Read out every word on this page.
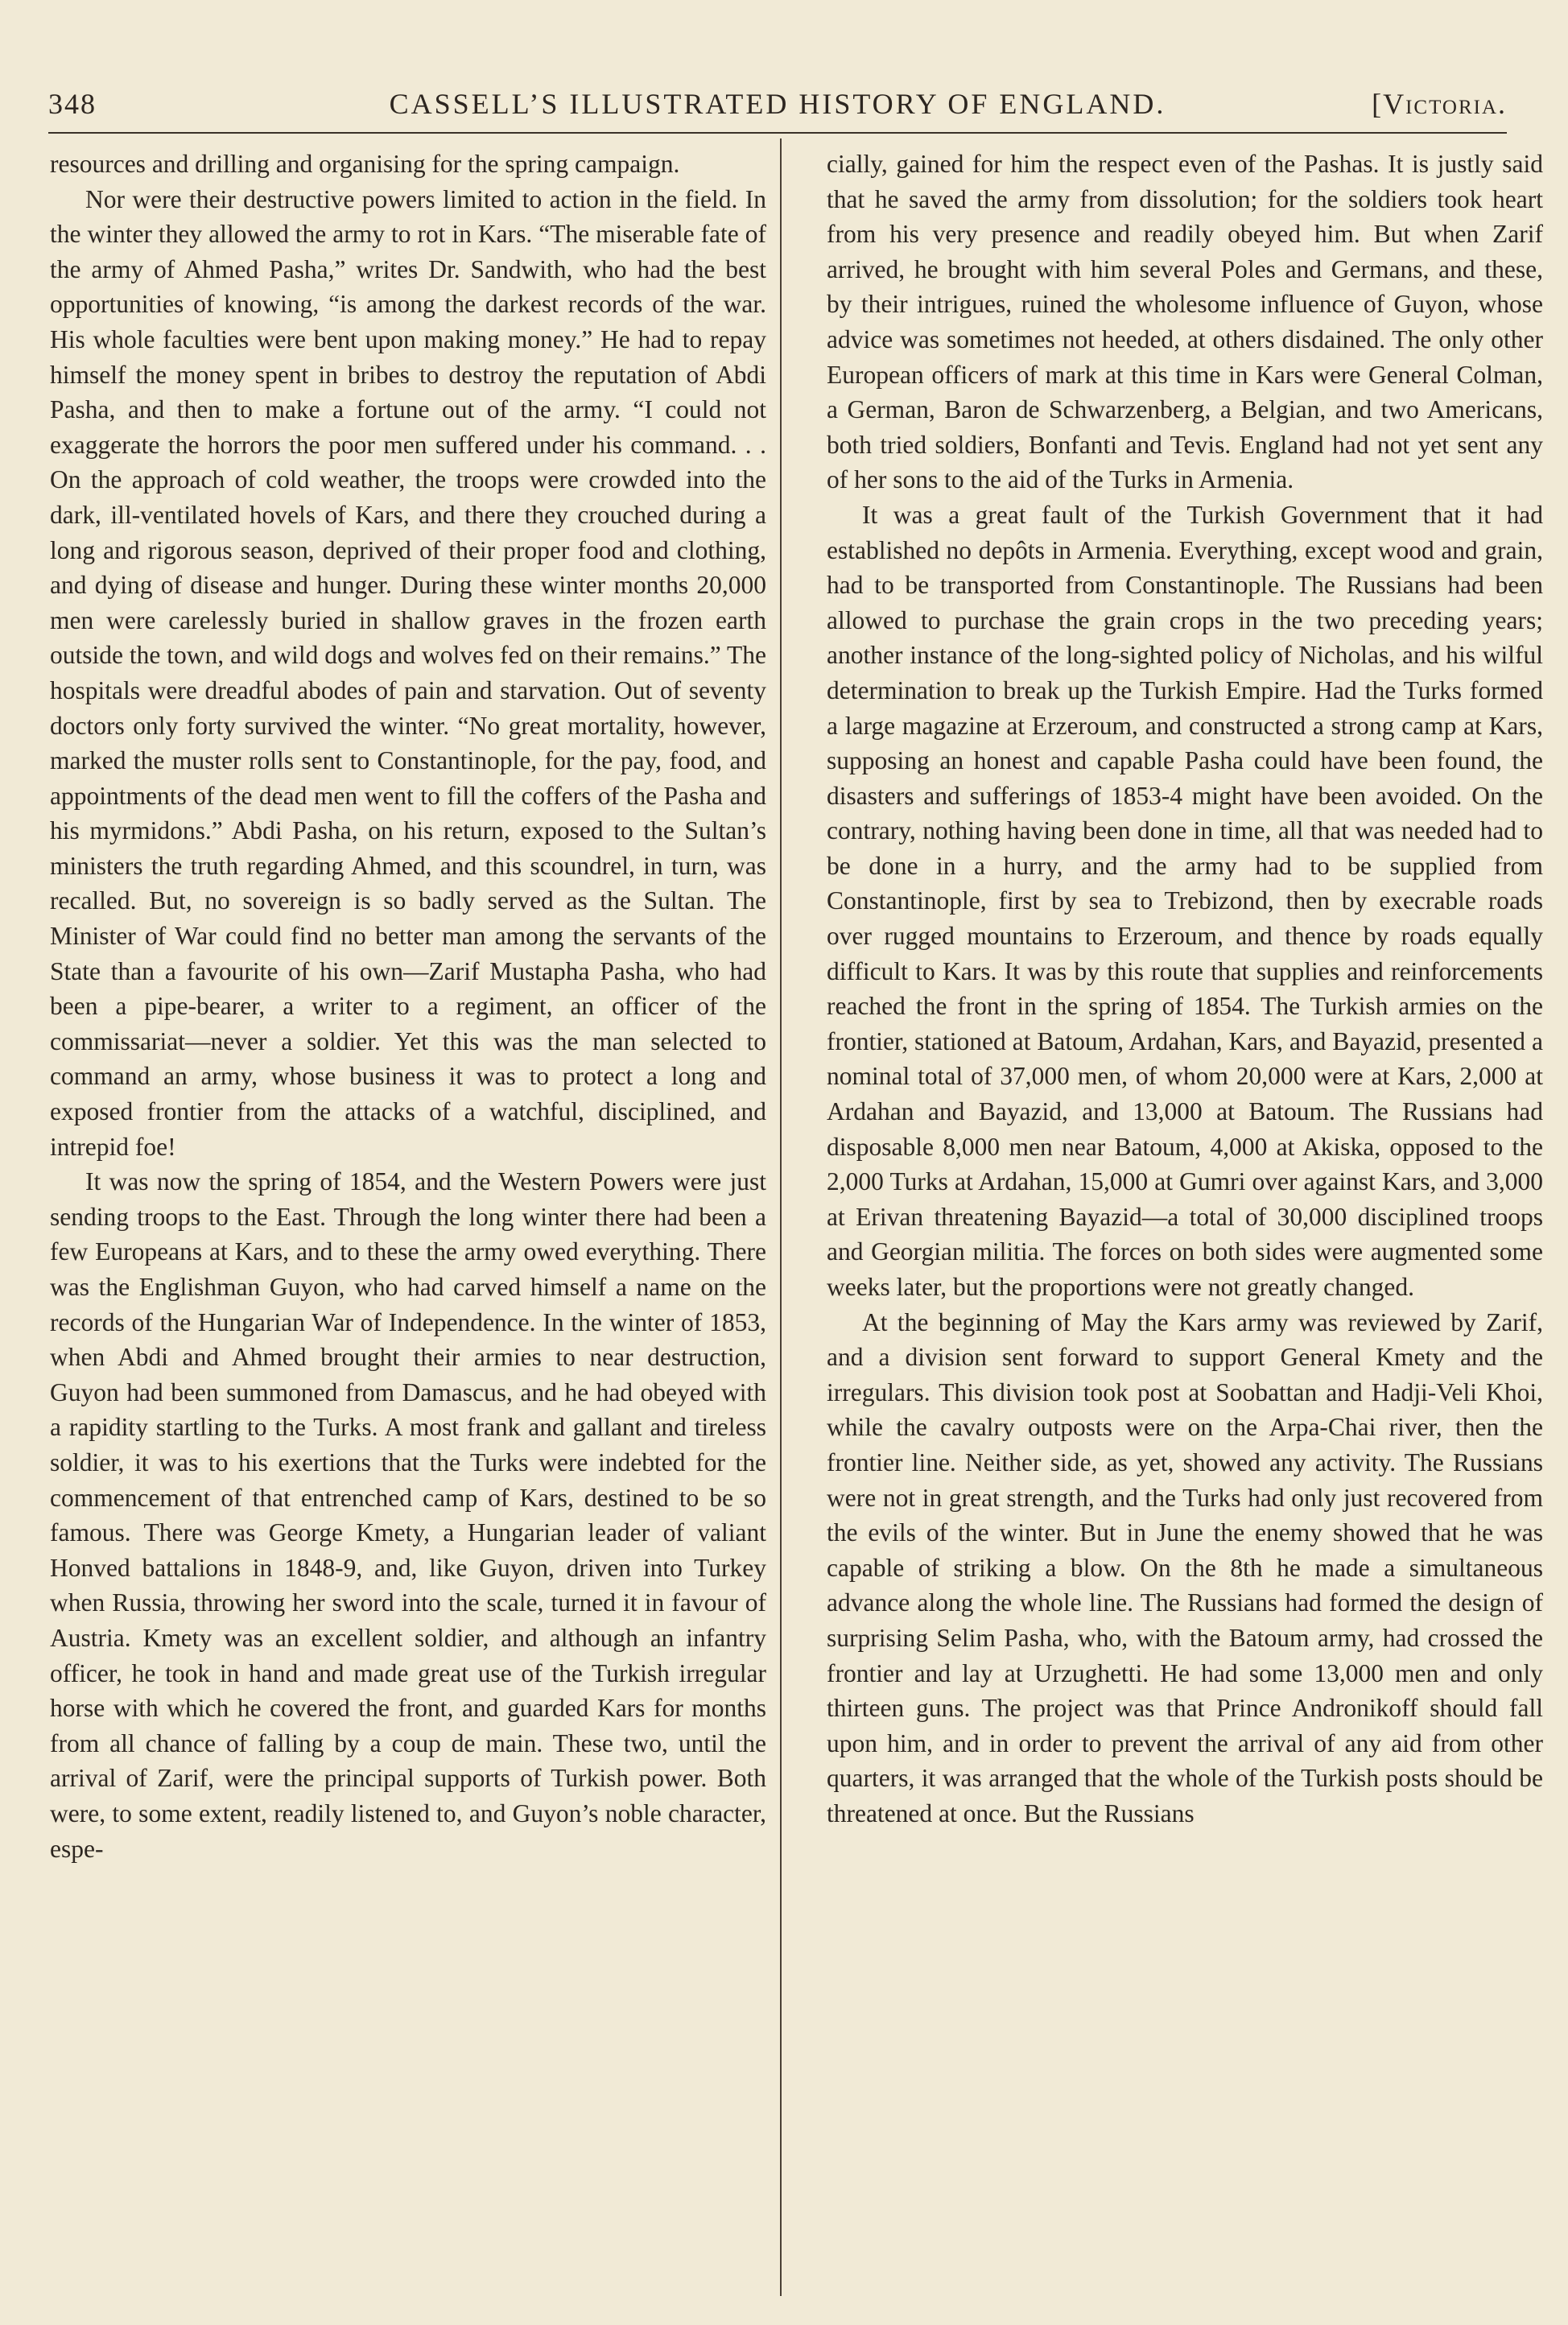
348	CASSELL’S ILLUSTRATED HISTORY OF ENGLAND.	[Victoria.

resources and drilling and organising for the spring campaign.

Nor were their destructive powers limited to action in the field. In the winter they allowed the army to rot in Kars. “The miserable fate of the army of Ahmed Pasha,” writes Dr. Sandwith, who had the best opportunities of knowing, “is among the darkest records of the war. His whole faculties were bent upon making money.” He had to repay himself the money spent in bribes to destroy the reputation of Abdi Pasha, and then to make a fortune out of the army. “I could not exaggerate the horrors the poor men suffered under his command. . . On the approach of cold weather, the troops were crowded into the dark, ill-ventilated hovels of Kars, and there they crouched during a long and rigorous season, deprived of their proper food and clothing, and dying of disease and hunger. During these winter months 20,000 men were carelessly buried in shallow graves in the frozen earth outside the town, and wild dogs and wolves fed on their remains.” The hospitals were dreadful abodes of pain and starvation. Out of seventy doctors only forty survived the winter. “No great mortality, however, marked the muster rolls sent to Constantinople, for the pay, food, and appointments of the dead men went to fill the coffers of the Pasha and his myrmidons.” Abdi Pasha, on his return, exposed to the Sultan’s ministers the truth regarding Ahmed, and this scoundrel, in turn, was recalled. But, no sovereign is so badly served as the Sultan. The Minister of War could find no better man among the servants of the State than a favourite of his own—Zarif Mustapha Pasha, who had been a pipe-bearer, a writer to a regiment, an officer of the commissariat—never a soldier. Yet this was the man selected to command an army, whose business it was to protect a long and exposed frontier from the attacks of a watchful, disciplined, and intrepid foe!

It was now the spring of 1854, and the Western Powers were just sending troops to the East. Through the long winter there had been a few Europeans at Kars, and to these the army owed everything. There was the Englishman Guyon, who had carved himself a name on the records of the Hungarian War of Independence. In the winter of 1853, when Abdi and Ahmed brought their armies to near destruction, Guyon had been summoned from Damascus, and he had obeyed with a rapidity startling to the Turks. A most frank and gallant and tireless soldier, it was to his exertions that the Turks were indebted for the commencement of that entrenched camp of Kars, destined to be so famous. There was George Kmety, a Hungarian leader of valiant Honved battalions in 1848-9, and, like Guyon, driven into Turkey when Russia, throwing her sword into the scale, turned it in favour of Austria. Kmety was an excellent soldier, and although an infantry officer, he took in hand and made great use of the Turkish irregular horse with which he covered the front, and guarded Kars for months from all chance of falling by a coup de main. These two, until the arrival of Zarif, were the principal supports of Turkish power. Both were, to some extent, readily listened to, and Guyon’s noble character, espe-

cially, gained for him the respect even of the Pashas. It is justly said that he saved the army from dissolution; for the soldiers took heart from his very presence and readily obeyed him. But when Zarif arrived, he brought with him several Poles and Germans, and these, by their intrigues, ruined the wholesome influence of Guyon, whose advice was sometimes not heeded, at others disdained. The only other European officers of mark at this time in Kars were General Colman, a German, Baron de Schwarzenberg, a Belgian, and two Americans, both tried soldiers, Bonfanti and Tevis. England had not yet sent any of her sons to the aid of the Turks in Armenia.

It was a great fault of the Turkish Government that it had established no depôts in Armenia. Everything, except wood and grain, had to be transported from Constantinople. The Russians had been allowed to purchase the grain crops in the two preceding years; another instance of the long-sighted policy of Nicholas, and his wilful determination to break up the Turkish Empire. Had the Turks formed a large magazine at Erzeroum, and constructed a strong camp at Kars, supposing an honest and capable Pasha could have been found, the disasters and sufferings of 1853-4 might have been avoided. On the contrary, nothing having been done in time, all that was needed had to be done in a hurry, and the army had to be supplied from Constantinople, first by sea to Trebizond, then by execrable roads over rugged mountains to Erzeroum, and thence by roads equally difficult to Kars. It was by this route that supplies and reinforcements reached the front in the spring of 1854. The Turkish armies on the frontier, stationed at Batoum, Ardahan, Kars, and Bayazid, presented a nominal total of 37,000 men, of whom 20,000 were at Kars, 2,000 at Ardahan and Bayazid, and 13,000 at Batoum. The Russians had disposable 8,000 men near Batoum, 4,000 at Akiska, opposed to the 2,000 Turks at Ardahan, 15,000 at Gumri over against Kars, and 3,000 at Erivan threatening Bayazid—a total of 30,000 disciplined troops and Georgian militia. The forces on both sides were augmented some weeks later, but the proportions were not greatly changed.

At the beginning of May the Kars army was reviewed by Zarif, and a division sent forward to support General Kmety and the irregulars. This division took post at Soobattan and Hadji-Veli Khoi, while the cavalry outposts were on the Arpa-Chai river, then the frontier line. Neither side, as yet, showed any activity. The Russians were not in great strength, and the Turks had only just recovered from the evils of the winter. But in June the enemy showed that he was capable of striking a blow. On the 8th he made a simultaneous advance along the whole line. The Russians had formed the design of surprising Selim Pasha, who, with the Batoum army, had crossed the frontier and lay at Urzughetti. He had some 13,000 men and only thirteen guns. The project was that Prince Andronikoff should fall upon him, and in order to prevent the arrival of any aid from other quarters, it was arranged that the whole of the Turkish posts should be threatened at once. But the Russians
